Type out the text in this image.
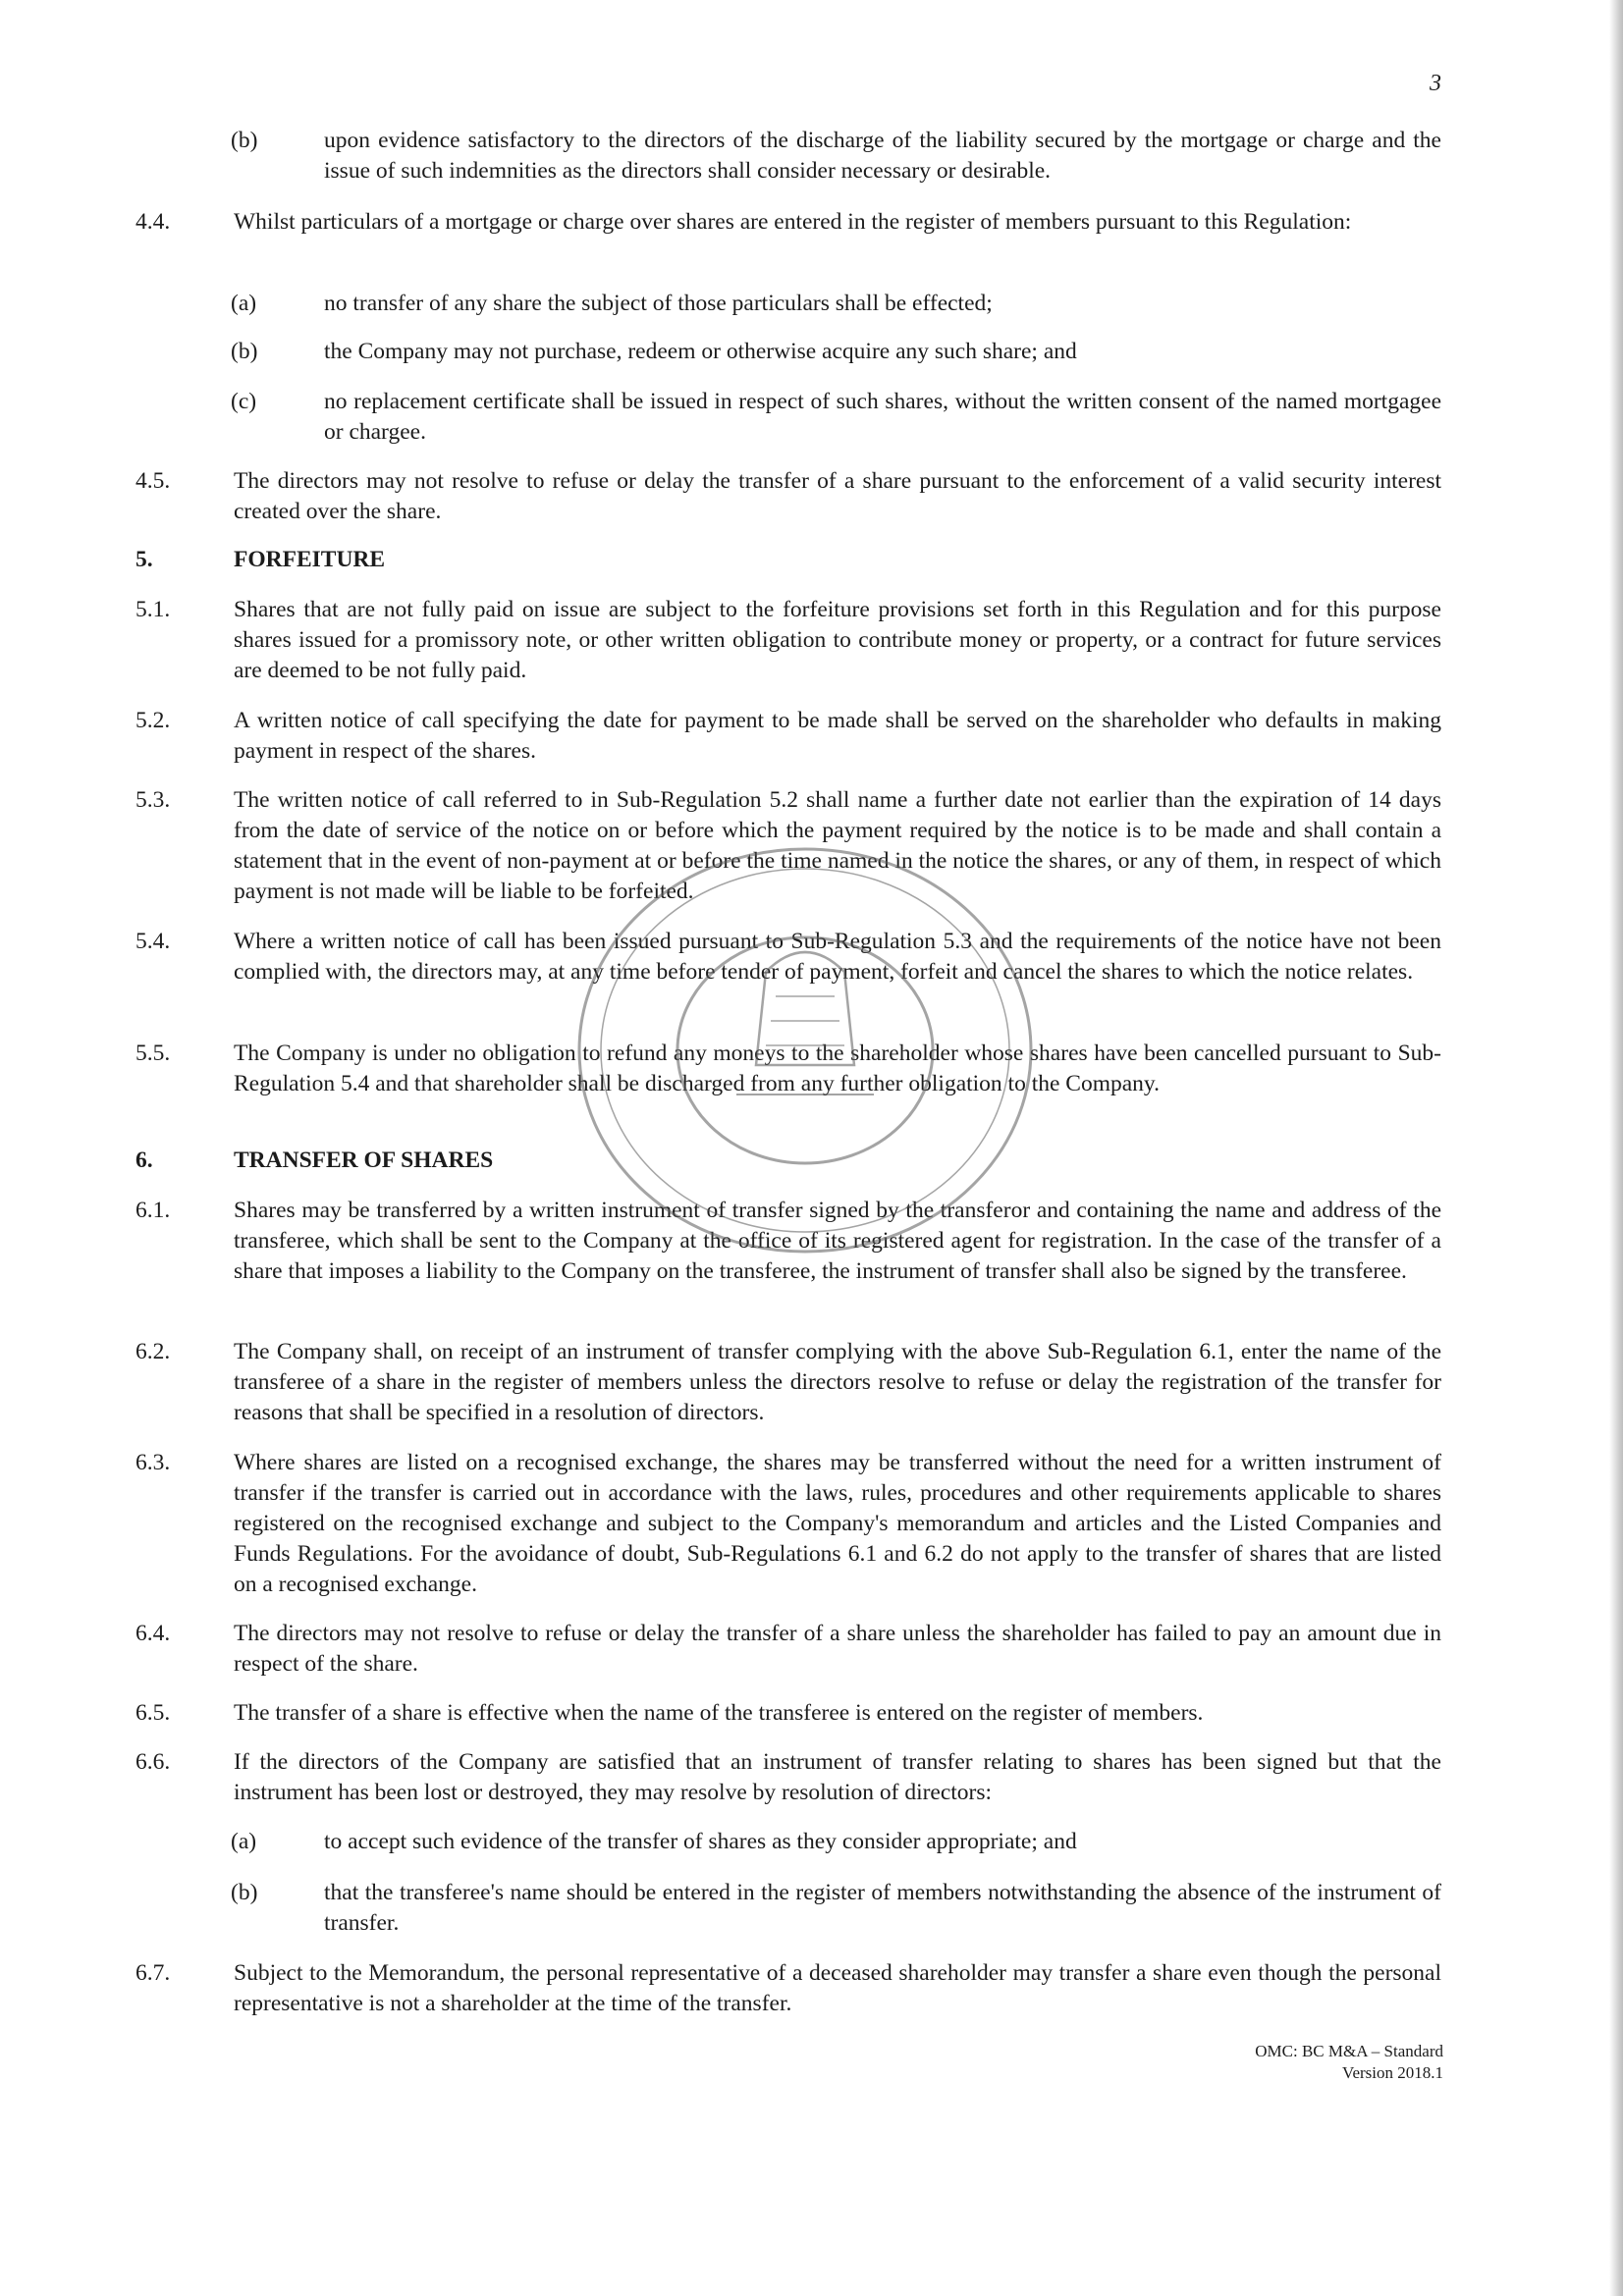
3
(b)	upon evidence satisfactory to the directors of the discharge of the liability secured by the mortgage or charge and the issue of such indemnities as the directors shall consider necessary or desirable.
4.4.	Whilst particulars of a mortgage or charge over shares are entered in the register of members pursuant to this Regulation:
(a)	no transfer of any share the subject of those particulars shall be effected;
(b)	the Company may not purchase, redeem or otherwise acquire any such share; and
(c)	no replacement certificate shall be issued in respect of such shares, without the written consent of the named mortgagee or chargee.
4.5.	The directors may not resolve to refuse or delay the transfer of a share pursuant to the enforcement of a valid security interest created over the share.
5.	FORFEITURE
5.1.	Shares that are not fully paid on issue are subject to the forfeiture provisions set forth in this Regulation and for this purpose shares issued for a promissory note, or other written obligation to contribute money or property, or a contract for future services are deemed to be not fully paid.
5.2.	A written notice of call specifying the date for payment to be made shall be served on the shareholder who defaults in making payment in respect of the shares.
5.3.	The written notice of call referred to in Sub-Regulation 5.2 shall name a further date not earlier than the expiration of 14 days from the date of service of the notice on or before which the payment required by the notice is to be made and shall contain a statement that in the event of non-payment at or before the time named in the notice the shares, or any of them, in respect of which payment is not made will be liable to be forfeited.
5.4.	Where a written notice of call has been issued pursuant to Sub-Regulation 5.3 and the requirements of the notice have not been complied with, the directors may, at any time before tender of payment, forfeit and cancel the shares to which the notice relates.
5.5.	The Company is under no obligation to refund any moneys to the shareholder whose shares have been cancelled pursuant to Sub-Regulation 5.4 and that shareholder shall be discharged from any further obligation to the Company.
6.	TRANSFER OF SHARES
6.1.	Shares may be transferred by a written instrument of transfer signed by the transferor and containing the name and address of the transferee, which shall be sent to the Company at the office of its registered agent for registration. In the case of the transfer of a share that imposes a liability to the Company on the transferee, the instrument of transfer shall also be signed by the transferee.
6.2.	The Company shall, on receipt of an instrument of transfer complying with the above Sub-Regulation 6.1, enter the name of the transferee of a share in the register of members unless the directors resolve to refuse or delay the registration of the transfer for reasons that shall be specified in a resolution of directors.
6.3.	Where shares are listed on a recognised exchange, the shares may be transferred without the need for a written instrument of transfer if the transfer is carried out in accordance with the laws, rules, procedures and other requirements applicable to shares registered on the recognised exchange and subject to the Company's memorandum and articles and the Listed Companies and Funds Regulations. For the avoidance of doubt, Sub-Regulations 6.1 and 6.2 do not apply to the transfer of shares that are listed on a recognised exchange.
6.4.	The directors may not resolve to refuse or delay the transfer of a share unless the shareholder has failed to pay an amount due in respect of the share.
6.5.	The transfer of a share is effective when the name of the transferee is entered on the register of members.
6.6.	If the directors of the Company are satisfied that an instrument of transfer relating to shares has been signed but that the instrument has been lost or destroyed, they may resolve by resolution of directors:
(a)	to accept such evidence of the transfer of shares as they consider appropriate; and
(b)	that the transferee's name should be entered in the register of members notwithstanding the absence of the instrument of transfer.
6.7.	Subject to the Memorandum, the personal representative of a deceased shareholder may transfer a share even though the personal representative is not a shareholder at the time of the transfer.
OMC: BC M&A – Standard
Version 2018.1
